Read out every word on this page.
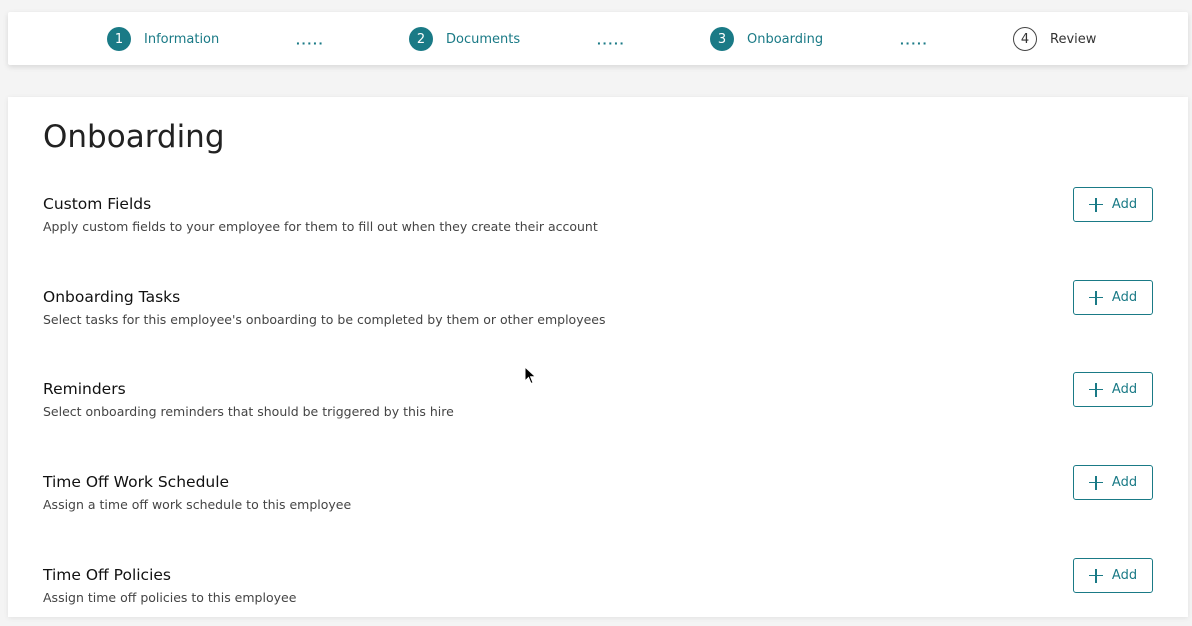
1	Information	·····	2	Documents	·····	3	Onboarding	·····	4	Review
Onboarding
Custom Fields
Apply custom fields to your employee for them to fill out when they create their account
Add
Onboarding Tasks
Select tasks for this employee's onboarding to be completed by them or other employees
Add
Reminders
Select onboarding reminders that should be triggered by this hire
Add
Time Off Work Schedule
Assign a time off work schedule to this employee
Add
Time Off Policies
Assign time off policies to this employee
Add
